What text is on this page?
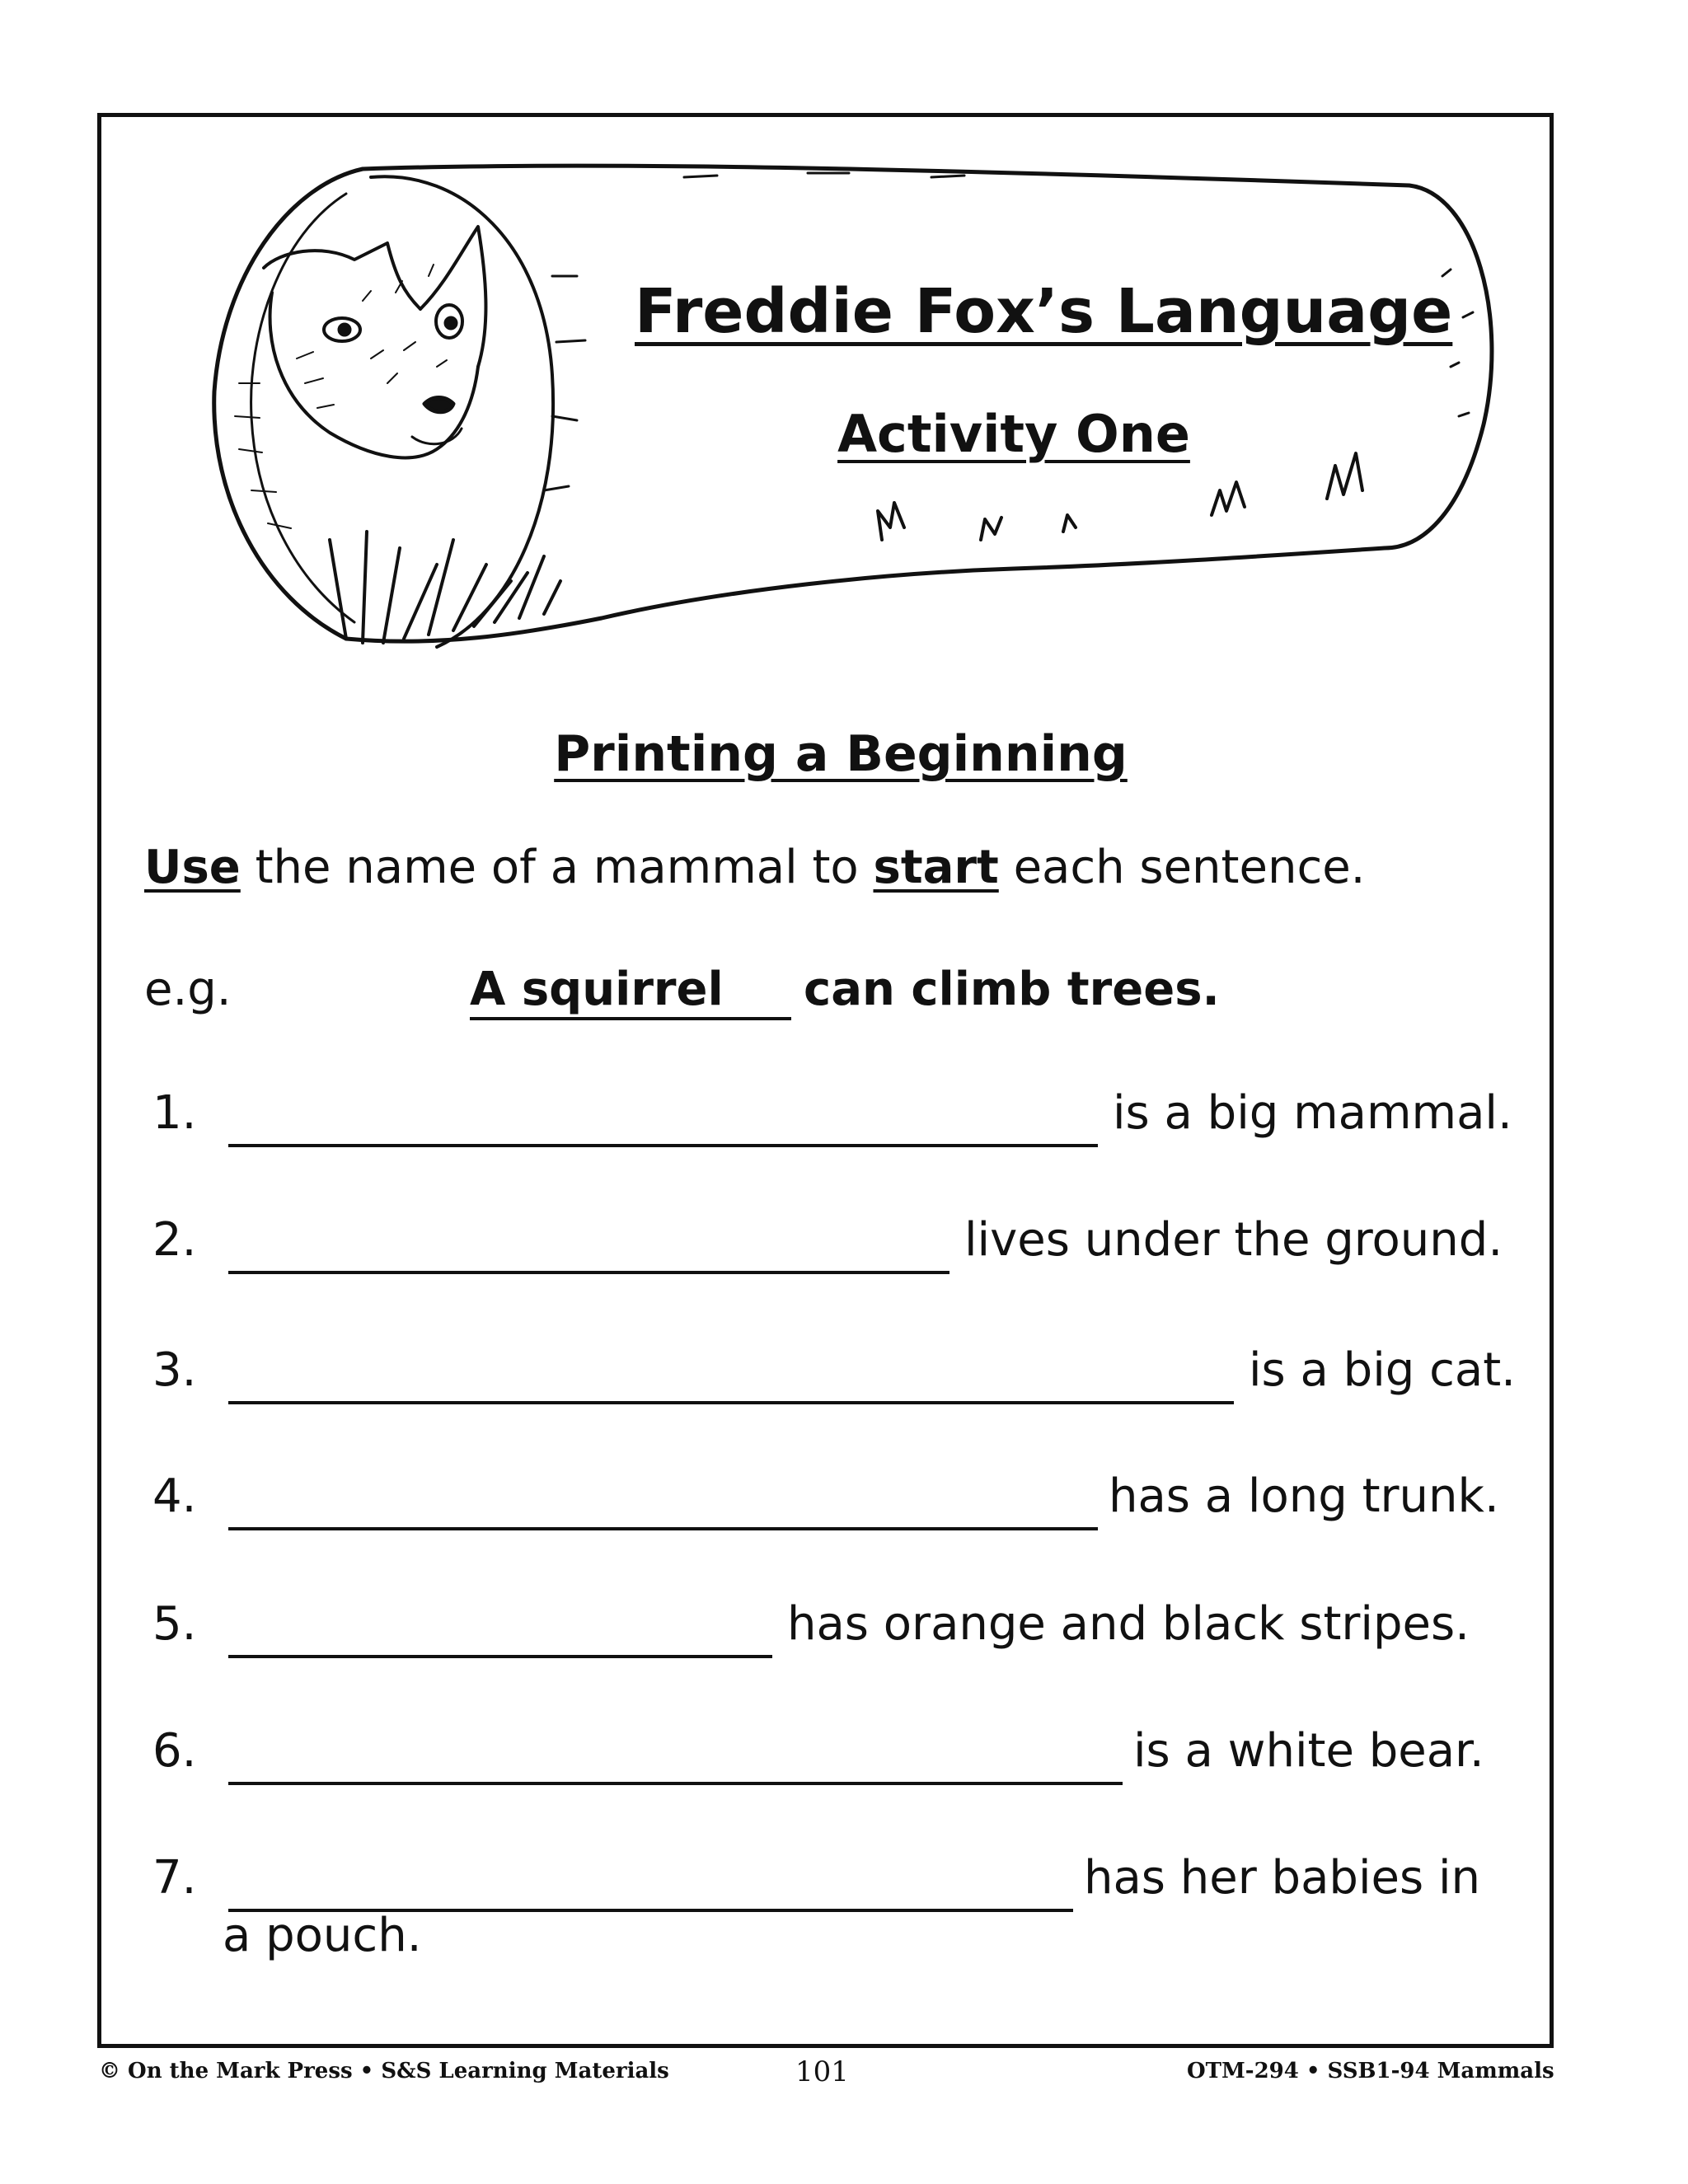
Freddie Fox’s Language
Activity One
Printing a Beginning
Use the name of a mammal to start each sentence.
e.g.	A squirrel	can climb trees.
1.	is a big mammal.
2.	lives under the ground.
3.	is a big cat.
4.	has a long trunk.
5.	has orange and black stripes.
6.	is a white bear.
7.	has her babies in
a pouch.
© On the Mark Press • S&S Learning Materials	101	OTM-294 • SSB1-94 Mammals
